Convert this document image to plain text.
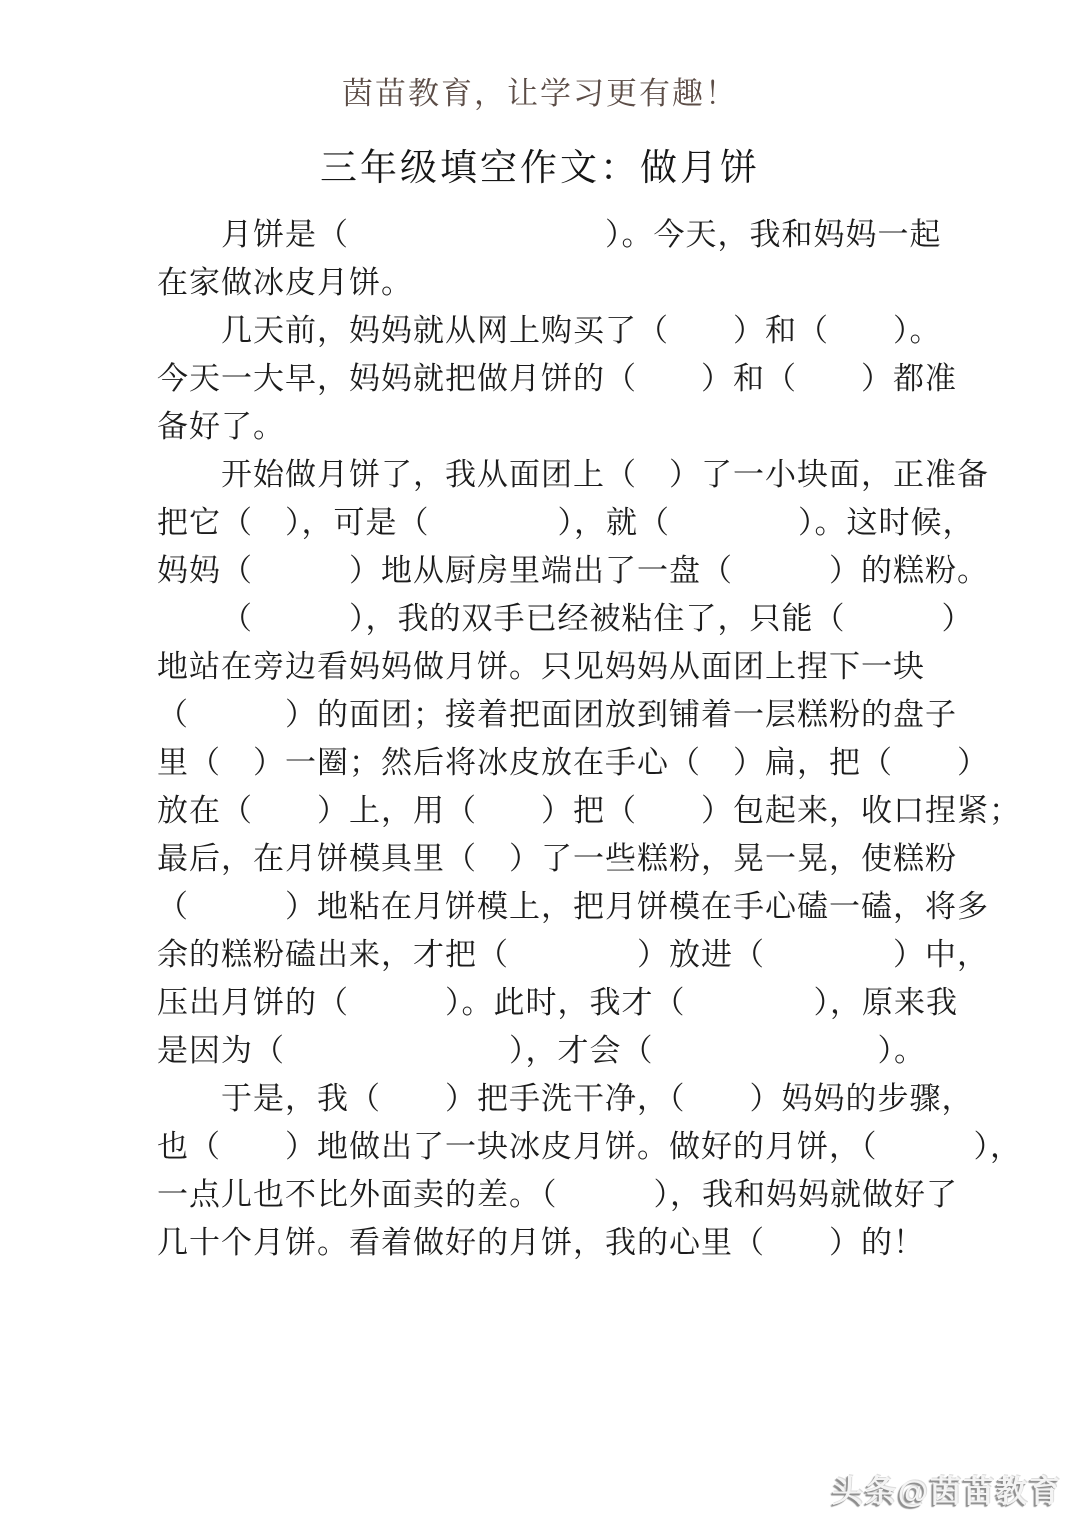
茵苗教育，让学习更有趣！
三年级填空作文：做月饼
月饼是（　　　　　　　　）。今天，我和妈妈一起
在家做冰皮月饼。
几天前，妈妈就从网上购买了（　　）和（　　）。
今天一大早，妈妈就把做月饼的（　　）和（　　）都准
备好了。
开始做月饼了，我从面团上（　）了一小块面，正准备
把它（　），可是（　　　　），就（　　　　）。这时候，
妈妈（　　　）地从厨房里端出了一盘（　　　）的糕粉。
（　　　），我的双手已经被粘住了，只能（　　　）
地站在旁边看妈妈做月饼。只见妈妈从面团上捏下一块
（　　　）的面团；接着把面团放到铺着一层糕粉的盘子
里（　）一圈；然后将冰皮放在手心（　）扁，把（　　）
放在（　　）上，用（　　）把（　　）包起来，收口捏紧；
最后，在月饼模具里（　）了一些糕粉，晃一晃，使糕粉
（　　　）地粘在月饼模上，把月饼模在手心磕一磕，将多
余的糕粉磕出来，才把（　　　　）放进（　　　　）中，
压出月饼的（　　　）。此时，我才（　　　　），原来我
是因为（　　　　　　　），才会（　　　　　　　）。
于是，我（　　）把手洗干净，（　　）妈妈的步骤，
也（　　）地做出了一块冰皮月饼。做好的月饼，（　　　），
一点儿也不比外面卖的差。（　　　），我和妈妈就做好了
几十个月饼。看着做好的月饼，我的心里（　　）的！
头条@茵苗教育
